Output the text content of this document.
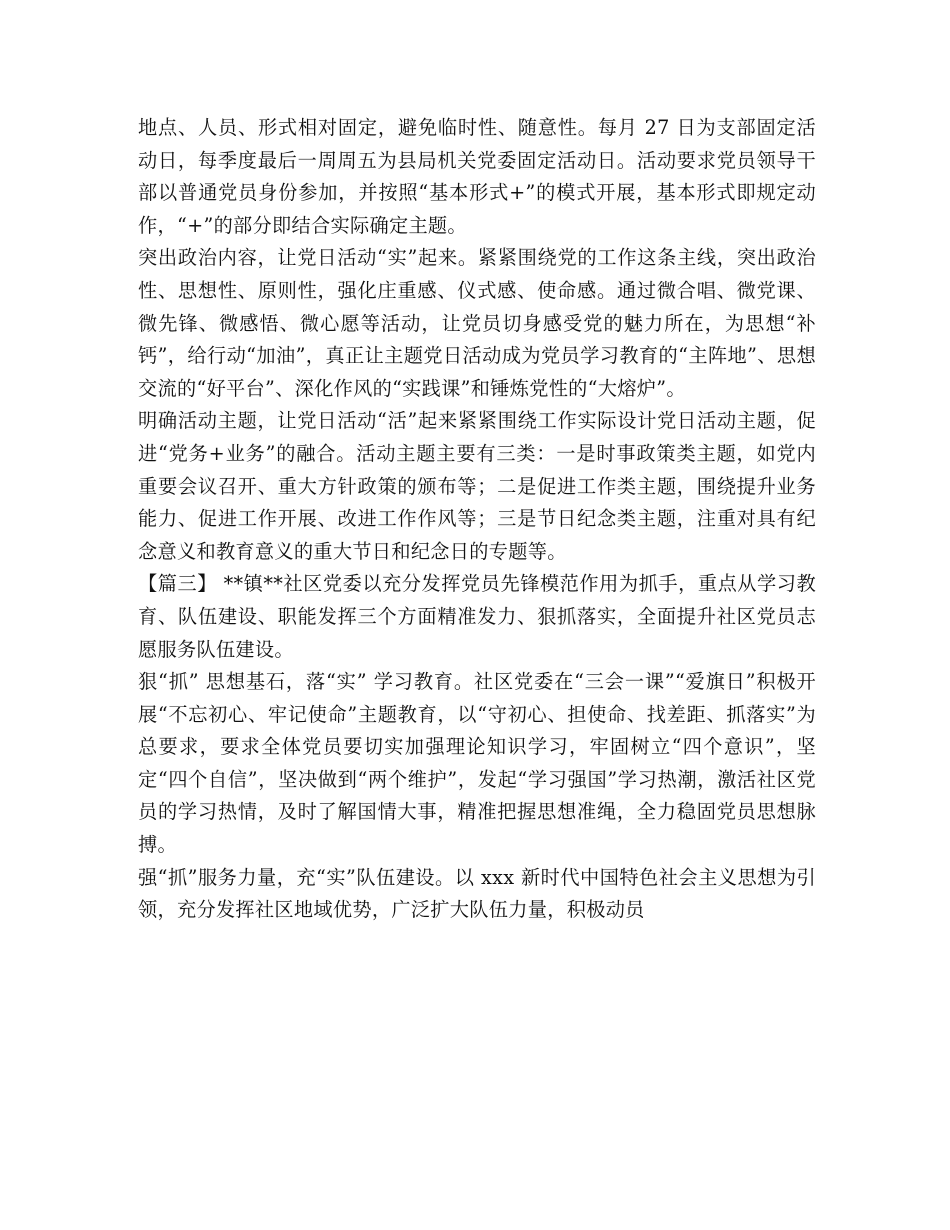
地点、人员、形式相对固定，避免临时性、随意性。每月 27 日为支部固定活动日，每季度最后一周周五为县局机关党委固定活动日。活动要求党员领导干部以普通党员身份参加，并按照“基本形式+”的模式开展，基本形式即规定动作，“+”的部分即结合实际确定主题。

突出政治内容，让党日活动“实”起来。紧紧围绕党的工作这条主线，突出政治性、思想性、原则性，强化庄重感、仪式感、使命感。通过微合唱、微党课、微先锋、微感悟、微心愿等活动，让党员切身感受党的魅力所在，为思想“补钙”，给行动“加油”，真正让主题党日活动成为党员学习教育的“主阵地”、思想交流的“好平台”、深化作风的“实践课”和锤炼党性的“大熔炉”。

明确活动主题，让党日活动“活”起来紧紧围绕工作实际设计党日活动主题，促进“党务+业务”的融合。活动主题主要有三类：一是时事政策类主题，如党内重要会议召开、重大方针政策的颁布等；二是促进工作类主题，围绕提升业务能力、促进工作开展、改进工作作风等；三是节日纪念类主题，注重对具有纪念意义和教育意义的重大节日和纪念日的专题等。

【篇三】 **镇**社区党委以充分发挥党员先锋模范作用为抓手，重点从学习教育、队伍建设、职能发挥三个方面精准发力、狠抓落实，全面提升社区党员志愿服务队伍建设。

狠“抓” 思想基石，落“实” 学习教育。社区党委在“三会一课”“爱旗日”积极开展“不忘初心、牢记使命”主题教育，以“守初心、担使命、找差距、抓落实”为总要求，要求全体党员要切实加强理论知识学习，牢固树立“四个意识”，坚定“四个自信”，坚决做到“两个维护”，发起“学习强国”学习热潮，激活社区党员的学习热情，及时了解国情大事，精准把握思想准绳，全力稳固党员思想脉搏。

强“抓”服务力量，充“实”队伍建设。以 xxx 新时代中国特色社会主义思想为引领，充分发挥社区地域优势，广泛扩大队伍力量，积极动员
